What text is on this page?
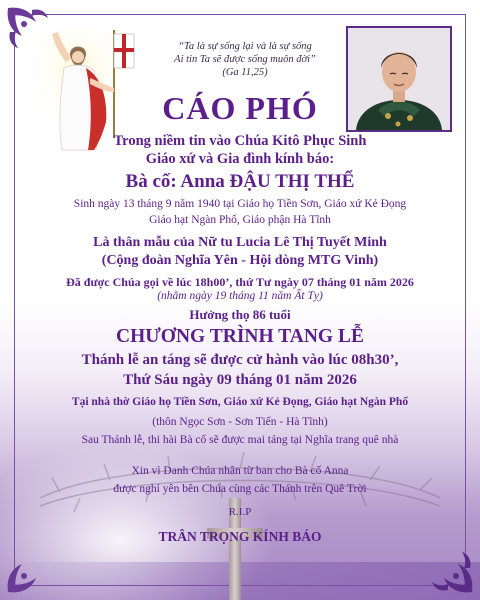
“Ta là sự sống lại và là sự sống
Ai tin Ta sẽ được sống muôn đời”
(Ga 11,25)
CÁO PHÓ
Trong niềm tin vào Chúa Kitô Phục Sinh
Giáo xứ và Gia đình kính báo:
Bà cố: Anna ĐẬU THỊ THỂ
Sinh ngày 13 tháng 9 năm 1940 tại Giáo họ Tiền Sơn, Giáo xứ Kẻ Đọng
Giáo hạt Ngàn Phố, Giáo phận Hà Tĩnh
Là thân mẫu của Nữ tu Lucia Lê Thị Tuyết Minh
(Cộng đoàn Nghĩa Yên - Hội dòng MTG Vinh)
Đã được Chúa gọi về lúc 18h00’, thứ Tư ngày 07 tháng 01 năm 2026
(nhằm ngày 19 tháng 11 năm Ất Tỵ)
Hưởng thọ 86 tuổi
CHƯƠNG TRÌNH TANG LỄ
Thánh lễ an táng sẽ được cử hành vào lúc 08h30’,
Thứ Sáu ngày 09 tháng 01 năm 2026
Tại nhà thờ Giáo họ Tiền Sơn, Giáo xứ Kẻ Đọng, Giáo hạt Ngàn Phố
(thôn Ngọc Sơn - Sơn Tiến - Hà Tĩnh)
Sau Thánh lễ, thi hài Bà cố sẽ được mai táng tại Nghĩa trang quê nhà
Xin vì Danh Chúa nhân từ ban cho Bà cố Anna
được nghỉ yên bên Chúa cùng các Thánh trên Quê Trời
R.I.P
TRÂN TRỌNG KÍNH BÁO
